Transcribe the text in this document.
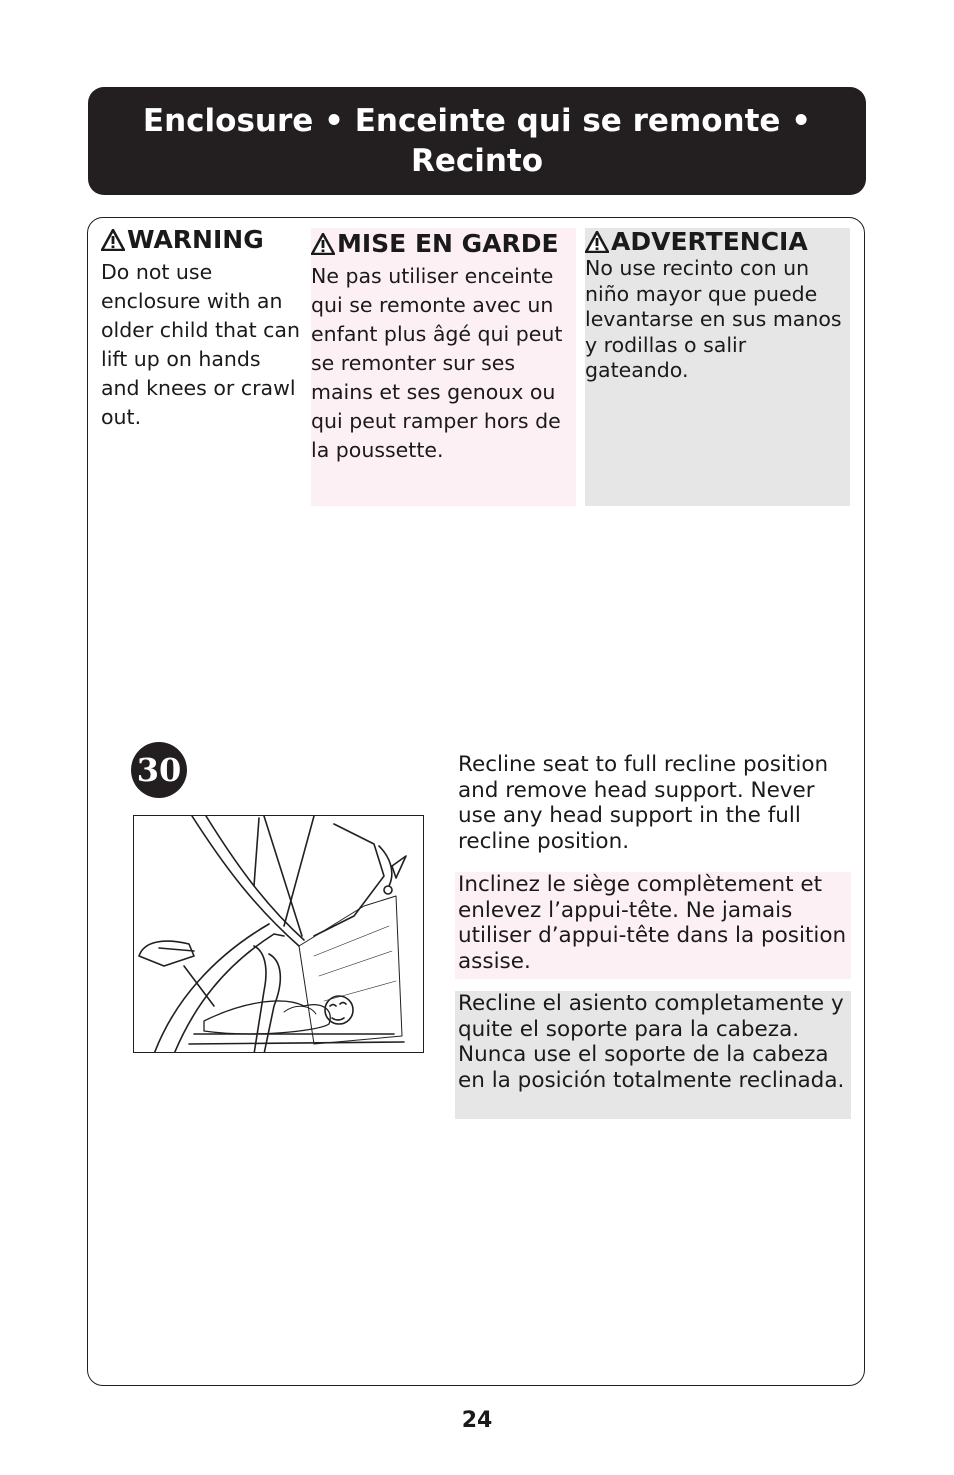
Enclosure • Enceinte qui se remonte • Recinto
WARNING
Do not use enclosure with an older child that can lift up on hands and knees or crawl out.
MISE EN GARDE
Ne pas utiliser enceinte qui se remonte avec un enfant plus âgé qui peut se remonter sur ses mains et ses genoux ou qui peut ramper hors de la poussette.
ADVERTENCIA
No use recinto con un niño mayor que puede levantarse en sus manos y rodillas o salir gateando.
30	Recline seat to full recline position and remove head support. Never use any head support in the full recline position.
Inclinez le siège complètement et enlevez l’appui-tête. Ne jamais utiliser d’appui-tête dans la position assise.
Recline el asiento completamente y quite el soporte para la cabeza. Nunca use el soporte de la cabeza en la posición totalmente reclinada.
24
